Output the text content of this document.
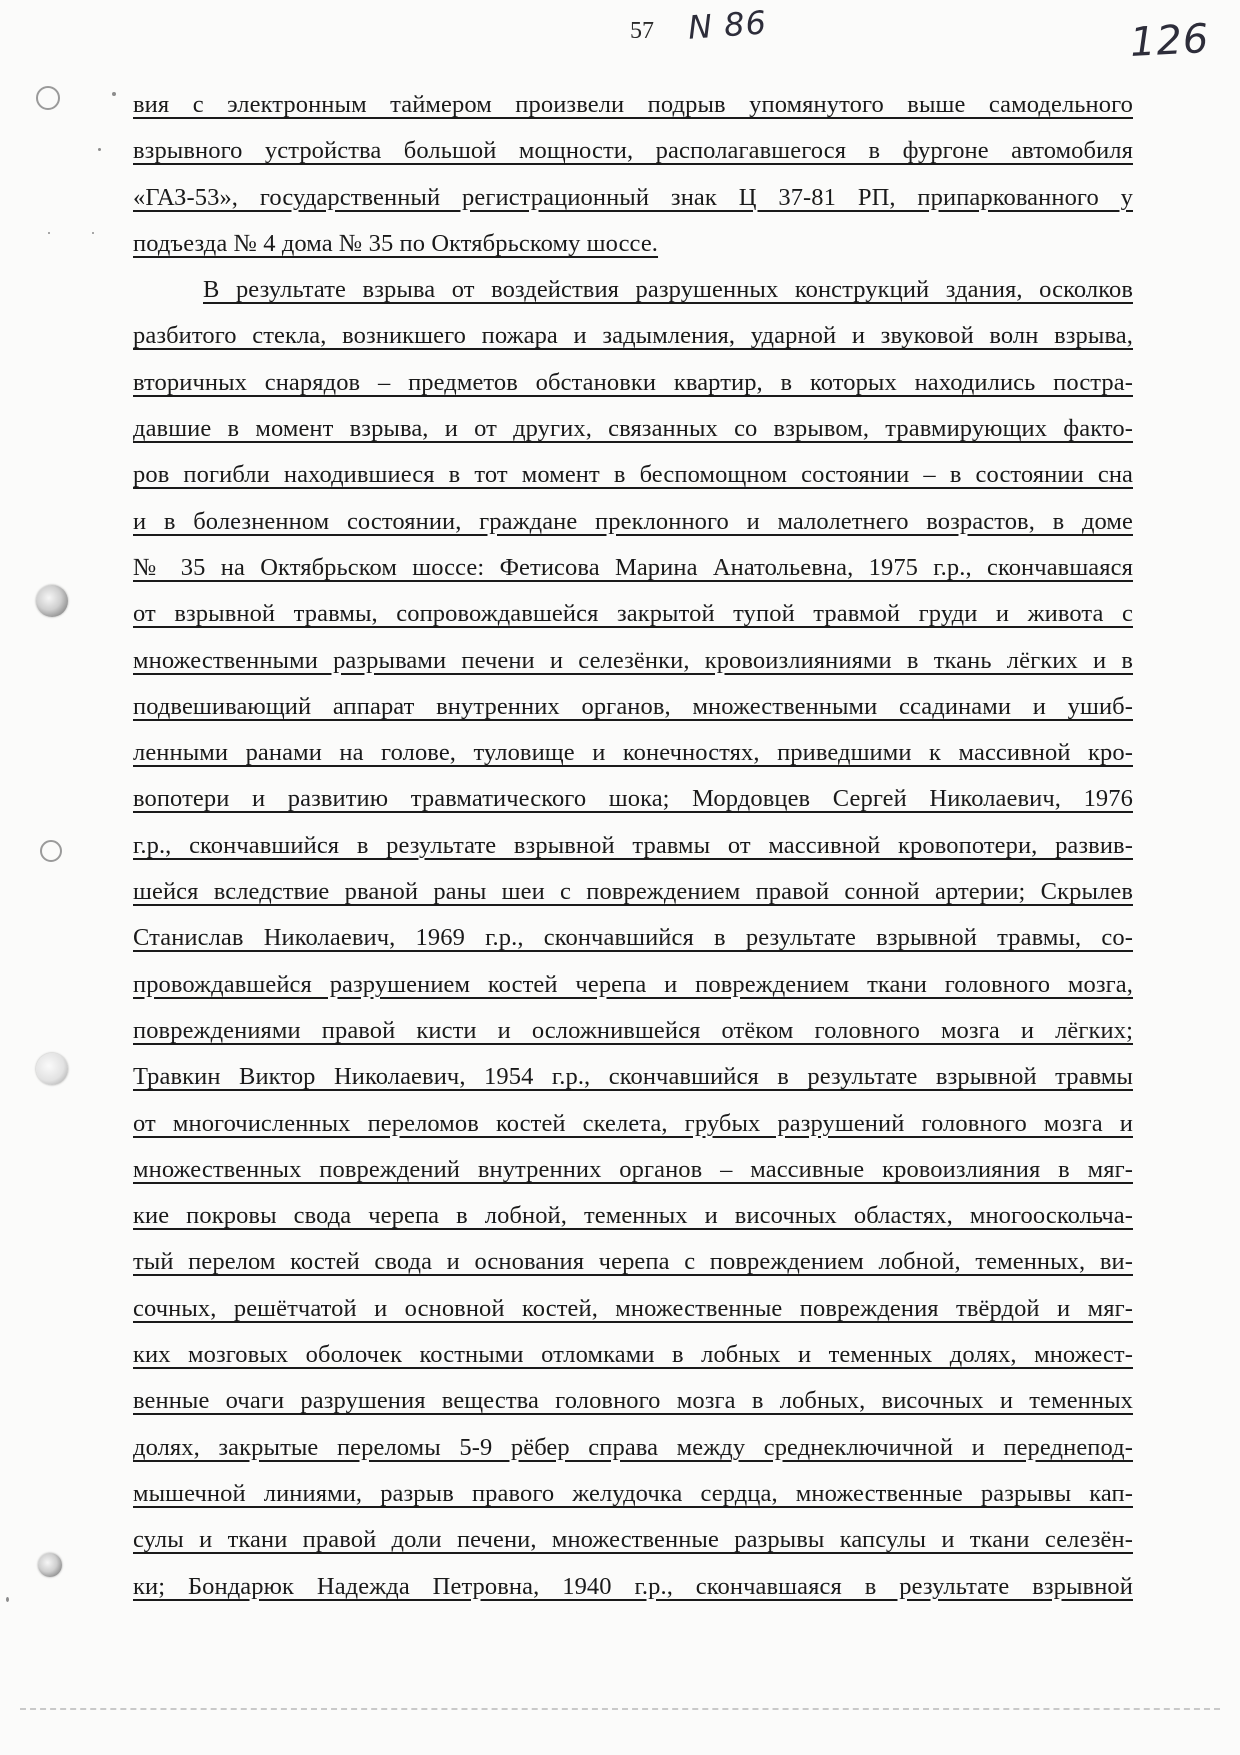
57 N 86	126
вия с электронным таймером произвели подрыв упомянутого выше самодельного
взрывного устройства большой мощности, располагавшегося в фургоне автомобиля
«ГАЗ-53», государственный регистрационный знак Ц 37-81 РП, припаркованного у
подъезда № 4 дома № 35 по Октябрьскому шоссе.
В результате взрыва от воздействия разрушенных конструкций здания, осколков
разбитого стекла, возникшего пожара и задымления, ударной и звуковой волн взрыва,
вторичных снарядов – предметов обстановки квартир, в которых находились постра-
давшие в момент взрыва, и от других, связанных со взрывом, травмирующих факто-
ров погибли находившиеся в тот момент в беспомощном состоянии – в состоянии сна
и в болезненном состоянии, граждане преклонного и малолетнего возрастов, в доме
№ 35 на Октябрьском шоссе: Фетисова Марина Анатольевна, 1975 г.р., скончавшаяся
от взрывной травмы, сопровождавшейся закрытой тупой травмой груди и живота с
множественными разрывами печени и селезёнки, кровоизлияниями в ткань лёгких и в
подвешивающий аппарат внутренних органов, множественными ссадинами и ушиб-
ленными ранами на голове, туловище и конечностях, приведшими к массивной кро-
вопотери и развитию травматического шока; Мордовцев Сергей Николаевич, 1976
г.р., скончавшийся в результате взрывной травмы от массивной кровопотери, развив-
шейся вследствие рваной раны шеи с повреждением правой сонной артерии; Скрылев
Станислав Николаевич, 1969 г.р., скончавшийся в результате взрывной травмы, со-
провождавшейся разрушением костей черепа и повреждением ткани головного мозга,
повреждениями правой кисти и осложнившейся отёком головного мозга и лёгких;
Травкин Виктор Николаевич, 1954 г.р., скончавшийся в результате взрывной травмы
от многочисленных переломов костей скелета, грубых разрушений головного мозга и
множественных повреждений внутренних органов – массивные кровоизлияния в мяг-
кие покровы свода черепа в лобной, теменных и височных областях, многооскольча-
тый перелом костей свода и основания черепа с повреждением лобной, теменных, ви-
сочных, решётчатой и основной костей, множественные повреждения твёрдой и мяг-
ких мозговых оболочек костными отломками в лобных и теменных долях, множест-
венные очаги разрушения вещества головного мозга в лобных, височных и теменных
долях, закрытые переломы 5-9 рёбер справа между среднеключичной и переднепод-
мышечной линиями, разрыв правого желудочка сердца, множественные разрывы кап-
сулы и ткани правой доли печени, множественные разрывы капсулы и ткани селезён-
ки; Бондарюк Надежда Петровна, 1940 г.р., скончавшаяся в результате взрывной
